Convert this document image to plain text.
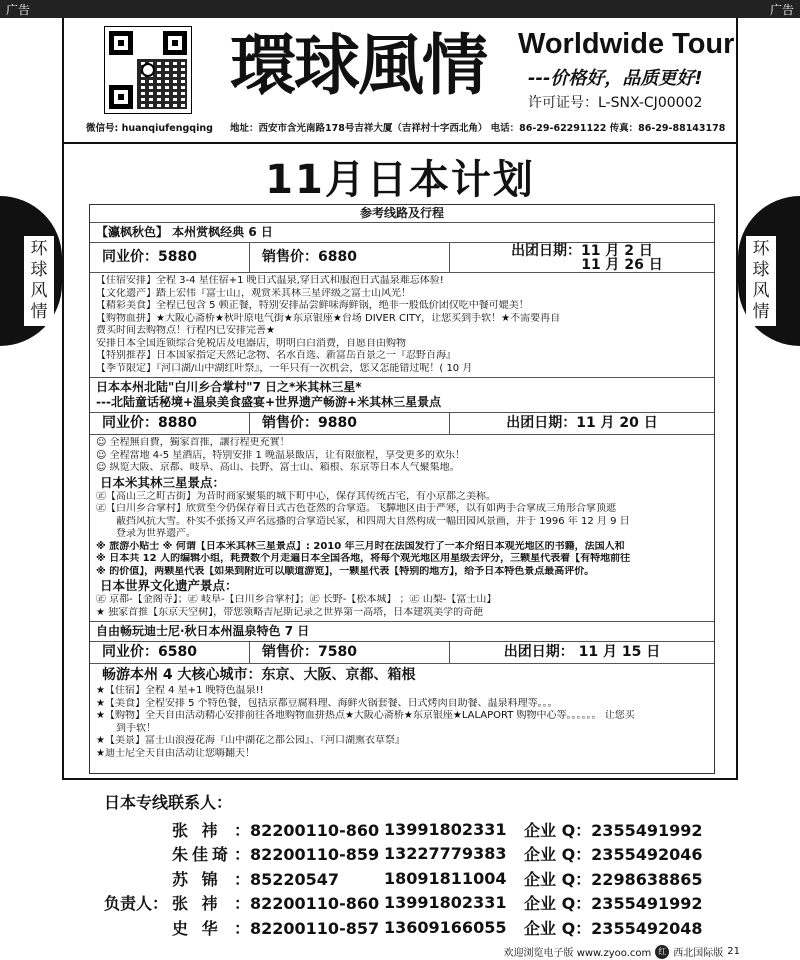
广告	广告
环
球
风
情
环
球
风
情
微信号: huanqiufengqing
環球風情 Worldwide Tour
---价格好，品质更好!
许可证号：L-SNX-CJ00002
地址：西安市含光南路178号吉祥大厦（吉祥村十字西北角） 电话：86-29-62291122 传真：86-29-88143178
11月日本计划
参考线路及行程
【瀛枫秋色】 本州赏枫经典 6 日
同业价：5880	销售价：6880	出团日期：11 月 2 日
11 月 26 日

【住宿安排】全程 3-4 星住宿+1 晚日式温泉,穿日式和服泡日式温泉难忘体验!

【文化遗产】踏上宏伟『富士山』，观赏米其林三星评级之富士山风光！

【精彩美食】全程已包含 5 顿正餐，特别安排品尝鲜味海鲜锅，绝非一般低价团仅吃中餐可媲美！

【购物血拼】★大阪心斋桥★秋叶原电气街★东京银座★台场 DIVER CITY，让您买到手软！★不需要再自

费买时间去购物点！行程内已安排完善★

安排日本全国连锁综合免税店及电器店，明明白白消费，自愿自由购物

【特别推荐】日本国家指定天然记念物、名水百选、新富岳百景之一『忍野百海』

【季节限定】『河口湖/山中湖红叶祭』，一年只有一次机会，您又怎能错过呢！( 10 月

日本本州北陆"白川乡合掌村"7 日之*米其林三星*
---北陆童话秘境+温泉美食盛宴+世界遗产畅游+米其林三星景点
同业价：8880	销售价：9880	出团日期：11 月 20 日

☺ 全程無自費，獨家首推，讓行程更充實！

☺ 全程當地 4-5 星酒店，特别安排 1 晚温泉飯店，让有限旅程，享受更多的欢乐！

☺ 纵览大阪、京都、岐阜、高山、長野、富士山、箱根、东京等日本人气聚集地。

日本米其林三星景点：

㊣【高山三之町古街】为昔时商家聚集的城下町中心，保存其传统古宅，有小京都之美称。

㊣【白川乡合掌村】欣赏至今仍保存着日式古色苍然的合掌造。飞驒地区由于严寒，以有如两手合掌成三角形合掌顶遮

蔽挡风抗大雪。朴实不张扬又声名远播的合掌造民家，和四周大自然构成一幅田园风景画，并于 1996 年 12 月 9 日

登录为世界遗产。

※ 旅游小贴士 ※ 何谓【日本米其林三星景点】: 2010 年三月时在法国发行了一本介绍日本观光地区的书籍，法国人和

※ 日本共 12 人的编辑小组，耗费数个月走遍日本全国各地，将每个观光地区用星级去评分，三颗星代表着【有特地前往

※ 的价值】，两颗星代表【如果到附近可以顺道游览】，一颗星代表【特别的地方】，给予日本特色景点最高评价。

日本世界文化遗产景点：

㊣ 京都-【金阁寺】；㊣ 岐阜-【白川乡合掌村】；㊣ 长野-【松本城】 ；㊣ 山梨-【富士山】

★ 独家首推【东京天空树】，带您领略吉尼斯记录之世界第一高塔，日本建筑美学的奇葩

自由畅玩迪士尼·秋日本州温泉特色 7 日
同业价：6580	销售价：7580	出团日期： 11 月 15 日
畅游本州 4 大核心城市：东京、大阪、京都、箱根

★【住宿】全程 4 星+1 晚特色温泉!!

★【美食】全程安排 5 个特色餐，包括京都豆腐料理、海鲜火锅套餐、日式烤肉自助餐、温泉料理等。。。

★【购物】全天自由活动精心安排前往各地购物血拼热点★大阪心斋桥★东京银座★LALAPORT 购物中心等。。。。。。 让您买

到手软！

★【美景】富士山浪漫花海『山中湖花之都公园』、『河口湖熏衣草祭』

★迪士尼全天自由活动让您嗨翻天！

日本专线联系人：
张 祎 ：82200110-860 13991802331	企业 Q：2355491992
朱佳琦 ：82200110-859 13227779383	企业 Q：2355492046
苏 锦 ：85220547	18091811004	企业 Q：2298638865
负责人： 张 祎 ：82200110-860 13991802331	企业 Q：2355491992
史 华 ：82200110-857 13609166055	企业 Q：2355492048
欢迎浏览电子版 www.zyoo.com 红 西北国际版 21
